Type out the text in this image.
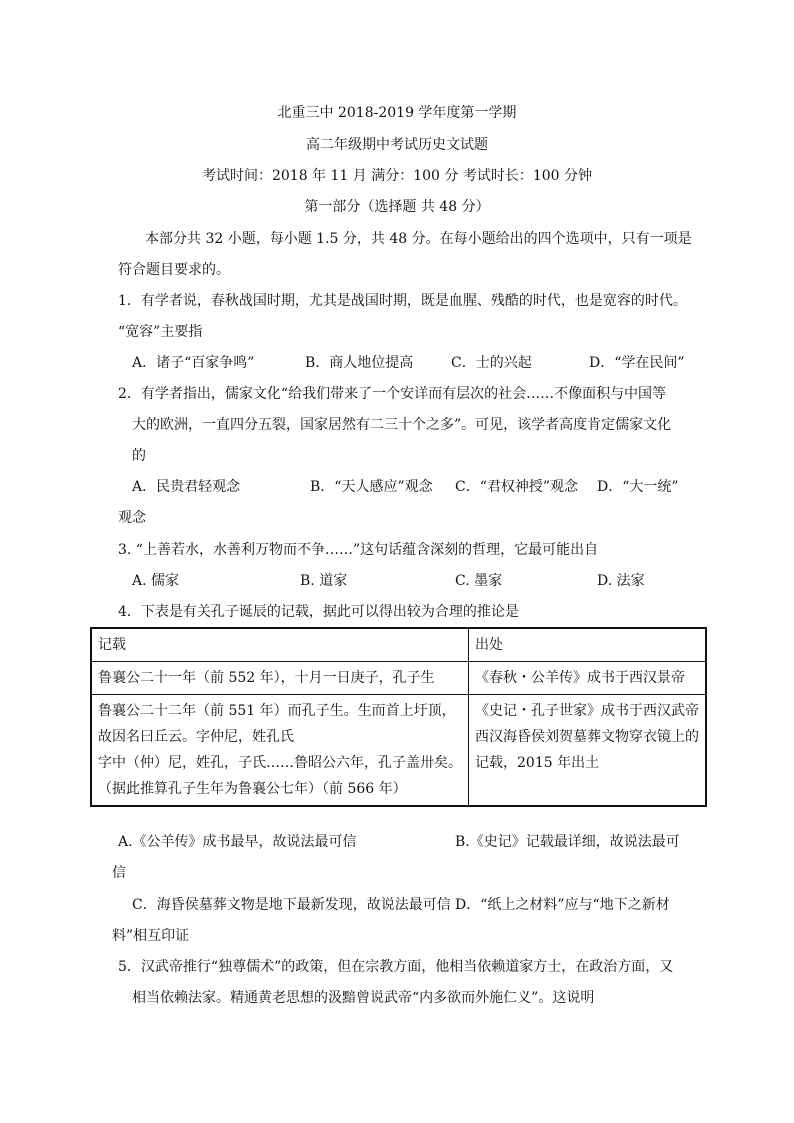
北重三中 2018-2019 学年度第一学期
高二年级期中考试历史文试题
考试时间：2018 年 11 月 满分：100 分 考试时长：100 分钟
第一部分（选择题 共 48 分）
本部分共 32 小题，每小题 1.5 分，共 48 分。在每小题给出的四个选项中，只有一项是
符合题目要求的。
1．有学者说，春秋战国时期，尤其是战国时期，既是血腥、残酷的时代，也是宽容的时代。
“宽容”主要指
A．诸子“百家争鸣”	B．商人地位提高	C．士的兴起	D．“学在民间”
2．有学者指出，儒家文化“给我们带来了一个安详而有层次的社会……不像面积与中国等
大的欧洲，一直四分五裂，国家居然有二三十个之多”。可见，该学者高度肯定儒家文化
的
A．民贵君轻观念	B．“天人感应”观念 C．“君权神授”观念 D．“大一统”
观念
3. “上善若水，水善利万物而不争……”这句话蕴含深刻的哲理，它最可能出自
A. 儒家	B. 道家	C. 墨家	D. 法家
4．下表是有关孔子诞辰的记载，据此可以得出较为合理的推论是
记载	出处

鲁襄公二十一年（前 552 年），十月一日庚子，孔子生	《春秋・公羊传》成书于西汉景帝

鲁襄公二十二年（前 551 年）而孔子生。生而首上圩顶，
故因名曰丘云。字仲尼，姓孔氏
字中（仲）尼，姓孔，子氏……鲁昭公六年，孔子盖卅矣。
（据此推算孔子生年为鲁襄公七年）（前 566 年）	《史记・孔子世家》成书于西汉武帝
西汉海昏侯刘贺墓葬文物穿衣镜上的
记载，2015 年出土
A.《公羊传》成书最早，故说法最可信	B.《史记》记载最详细，故说法最可
信
C．海昏侯墓葬文物是地下最新发现，故说法最可信 D．“纸上之材料”应与“地下之新材
料”相互印证
5．汉武帝推行“独尊儒术”的政策，但在宗教方面，他相当依赖道家方士，在政治方面，又
相当依赖法家。精通黄老思想的汲黯曾说武帝“内多欲而外施仁义”。这说明
